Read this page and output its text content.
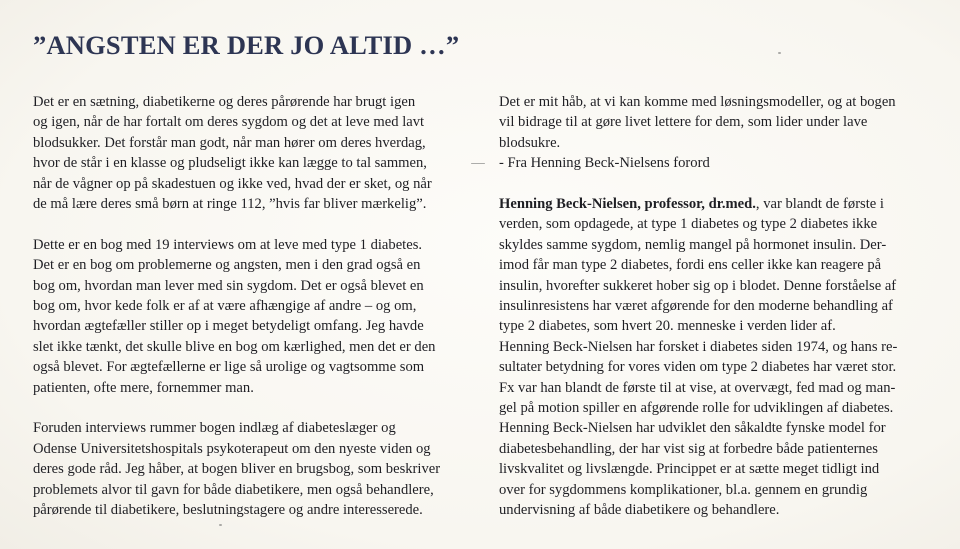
”ANGSTEN ER DER JO ALTID …”

Det er en sætning, diabetikerne og deres pårørende har brugt igen
og igen, når de har fortalt om deres sygdom og det at leve med lavt
blodsukker. Det forstår man godt, når man hører om deres hverdag,
hvor de står i en klasse og pludseligt ikke kan lægge to tal sammen,
når de vågner op på skadestuen og ikke ved, hvad der er sket, og når
de må lære deres små børn at ringe 112, ”hvis far bliver mærkelig”.

Dette er en bog med 19 interviews om at leve med type 1 diabetes.
Det er en bog om problemerne og angsten, men i den grad også en
bog om, hvordan man lever med sin sygdom. Det er også blevet en
bog om, hvor kede folk er af at være afhængige af andre – og om,
hvordan ægtefæller stiller op i meget betydeligt omfang. Jeg havde
slet ikke tænkt, det skulle blive en bog om kærlighed, men det er den
også blevet. For ægtefællerne er lige så urolige og vagtsomme som
patienten, ofte mere, fornemmer man.

Foruden interviews rummer bogen indlæg af diabeteslæger og
Odense Universitetshospitals psykoterapeut om den nyeste viden og
deres gode råd. Jeg håber, at bogen bliver en brugsbog, som beskriver
problemets alvor til gavn for både diabetikere, men også behandlere,
pårørende til diabetikere, beslutningstagere og andre interesserede.

Det er mit håb, at vi kan komme med løsningsmodeller, og at bogen
vil bidrage til at gøre livet lettere for dem, som lider under lave
blodsukre.
- Fra Henning Beck-Nielsens forord

Henning Beck-Nielsen, professor, dr.med., var blandt de første i
verden, som opdagede, at type 1 diabetes og type 2 diabetes ikke
skyldes samme sygdom, nemlig mangel på hormonet insulin. Der-
imod får man type 2 diabetes, fordi ens celler ikke kan reagere på
insulin, hvorefter sukkeret hober sig op i blodet. Denne forståelse af
insulinresistens har været afgørende for den moderne behandling af
type 2 diabetes, som hvert 20. menneske i verden lider af.
Henning Beck-Nielsen har forsket i diabetes siden 1974, og hans re-
sultater betydning for vores viden om type 2 diabetes har været stor.
Fx var han blandt de første til at vise, at overvægt, fed mad og man-
gel på motion spiller en afgørende rolle for udviklingen af diabetes.
Henning Beck-Nielsen har udviklet den såkaldte fynske model for
diabetesbehandling, der har vist sig at forbedre både patienternes
livskvalitet og livslængde. Princippet er at sætte meget tidligt ind
over for sygdommens komplikationer, bl.a. gennem en grundig
undervisning af både diabetikere og behandlere.
